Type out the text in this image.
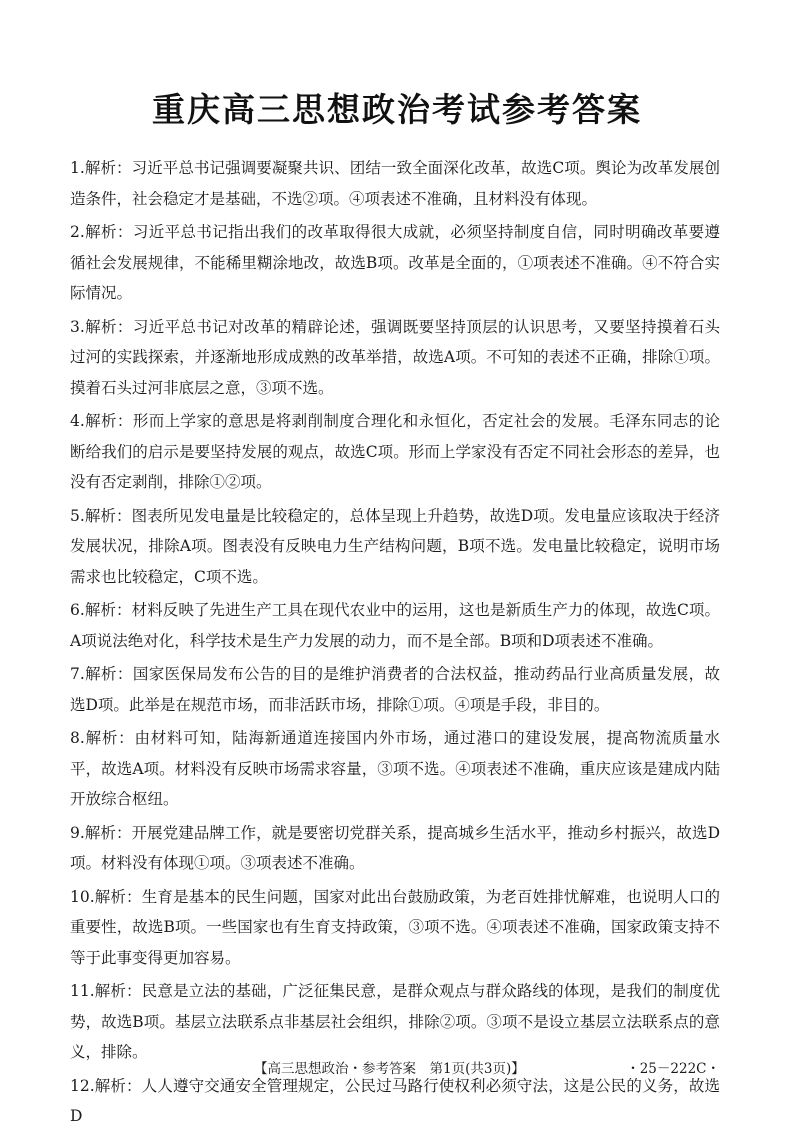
重庆高三思想政治考试参考答案

1.解析：习近平总书记强调要凝聚共识、团结一致全面深化改革，故选C项。舆论为改革发展创造条件，社会稳定才是基础，不选②项。④项表述不准确，且材料没有体现。

2.解析：习近平总书记指出我们的改革取得很大成就，必须坚持制度自信，同时明确改革要遵循社会发展规律，不能稀里糊涂地改，故选B项。改革是全面的，①项表述不准确。④不符合实际情况。

3.解析：习近平总书记对改革的精辟论述，强调既要坚持顶层的认识思考，又要坚持摸着石头过河的实践探索，并逐渐地形成成熟的改革举措，故选A项。不可知的表述不正确，排除①项。摸着石头过河非底层之意，③项不选。

4.解析：形而上学家的意思是将剥削制度合理化和永恒化，否定社会的发展。毛泽东同志的论断给我们的启示是要坚持发展的观点，故选C项。形而上学家没有否定不同社会形态的差异，也没有否定剥削，排除①②项。

5.解析：图表所见发电量是比较稳定的，总体呈现上升趋势，故选D项。发电量应该取决于经济发展状况，排除A项。图表没有反映电力生产结构问题，B项不选。发电量比较稳定，说明市场需求也比较稳定，C项不选。

6.解析：材料反映了先进生产工具在现代农业中的运用，这也是新质生产力的体现，故选C项。A项说法绝对化，科学技术是生产力发展的动力，而不是全部。B项和D项表述不准确。

7.解析：国家医保局发布公告的目的是维护消费者的合法权益，推动药品行业高质量发展，故选D项。此举是在规范市场，而非活跃市场，排除①项。④项是手段，非目的。

8.解析：由材料可知，陆海新通道连接国内外市场，通过港口的建设发展，提高物流质量水平，故选A项。材料没有反映市场需求容量，③项不选。④项表述不准确，重庆应该是建成内陆开放综合枢纽。

9.解析：开展党建品牌工作，就是要密切党群关系，提高城乡生活水平，推动乡村振兴，故选D项。材料没有体现①项。③项表述不准确。

10.解析：生育是基本的民生问题，国家对此出台鼓励政策，为老百姓排忧解难，也说明人口的重要性，故选B项。一些国家也有生育支持政策，③项不选。④项表述不准确，国家政策支持不等于此事变得更加容易。

11.解析：民意是立法的基础，广泛征集民意，是群众观点与群众路线的体现，是我们的制度优势，故选B项。基层立法联系点非基层社会组织，排除②项。③项不是设立基层立法联系点的意义，排除。

12.解析：人人遵守交通安全管理规定，公民过马路行使权利必须守法，这是公民的义务，故选D

【高三思想政治・参考答案　第1页(共3页)】	・25－222C・
